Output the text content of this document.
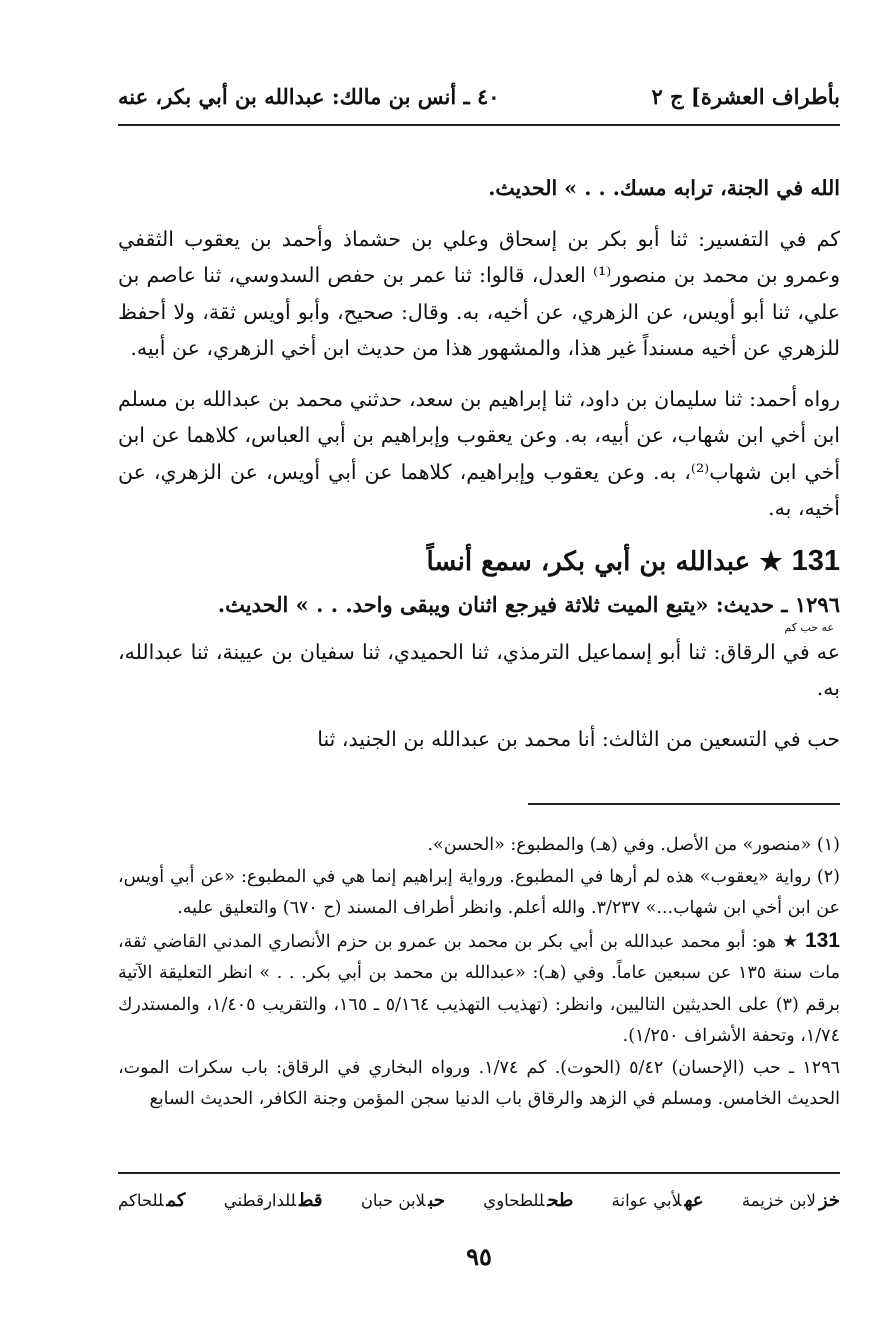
بأطراف العشرة] ج ٢
٤٠ ـ أنس بن مالك: عبدالله بن أبي بكر، عنه

الله في الجنة، ترابه مسك. . . » الحديث.

كم في التفسير: ثنا أبو بكر بن إسحاق وعلي بن حشماذ وأحمد بن يعقوب الثقفي وعمرو بن محمد بن منصور⁽¹⁾ العدل، قالوا: ثنا عمر بن حفص السدوسي، ثنا عاصم بن علي، ثنا أبو أويس، عن الزهري، عن أخيه، به. وقال: صحيح، وأبو أويس ثقة، ولا أحفظ للزهري عن أخيه مسنداً غير هذا، والمشهور هذا من حديث ابن أخي الزهري، عن أبيه.

رواه أحمد: ثنا سليمان بن داود، ثنا إبراهيم بن سعد، حدثني محمد بن عبدالله بن مسلم ابن أخي ابن شهاب، عن أبيه، به. وعن يعقوب وإبراهيم بن أبي العباس، كلاهما عن ابن أخي ابن شهاب⁽²⁾، به. وعن يعقوب وإبراهيم، كلاهما عن أبي أويس، عن الزهري، عن أخيه، به.

131 ★ عبدالله بن أبي بكر، سمع أنساً

١٢٩٦ ـ حديث: «يتبع الميت ثلاثة فيرجع اثنان ويبقى واحد. . . » الحديث.

عه حب كم

عه في الرقاق: ثنا أبو إسماعيل الترمذي، ثنا الحميدي، ثنا سفيان بن عيينة، ثنا عبدالله، به.

حب في التسعين من الثالث: أنا محمد بن عبدالله بن الجنيد، ثنا

(١) «منصور» من الأصل. وفي (هـ) والمطبوع: «الحسن».

(٢) رواية «يعقوب» هذه لم أرها في المطبوع. ورواية إبراهيم إنما هي في المطبوع: «عن أبي أويس، عن ابن أخي ابن شهاب...» ٣/٢٣٧. والله أعلم. وانظر أطراف المسند (ح ٦٧٠) والتعليق عليه.

131 ★ هو: أبو محمد عبدالله بن أبي بكر بن محمد بن عمرو بن حزم الأنصاري المدني القاضي ثقة، مات سنة ١٣٥ عن سبعين عاماً. وفي (هـ): «عبدالله بن محمد بن أبي بكر. . . » انظر التعليقة الآتية برقم (٣) على الحديثين التاليين، وانظر: (تهذيب التهذيب ٥/١٦٤ ـ ١٦٥، والتقريب ١/٤٠٥، والمستدرك ١/٧٤، وتحفة الأشراف ١/٢٥٠).

١٢٩٦ ـ حب (الإحسان) ٥/٤٢ (الحوت). كم ١/٧٤. ورواه البخاري في الرقاق: باب سكرات الموت، الحديث الخامس. ومسلم في الزهد والرقاق باب الدنيا سجن المؤمن وجنة الكافر، الحديث السابع

خزلابن خزيمة
عهلأبي عوانة
طحللطحاوي
حبلابن حبان
قطللدارقطني
كمللحاكم
٩٥
